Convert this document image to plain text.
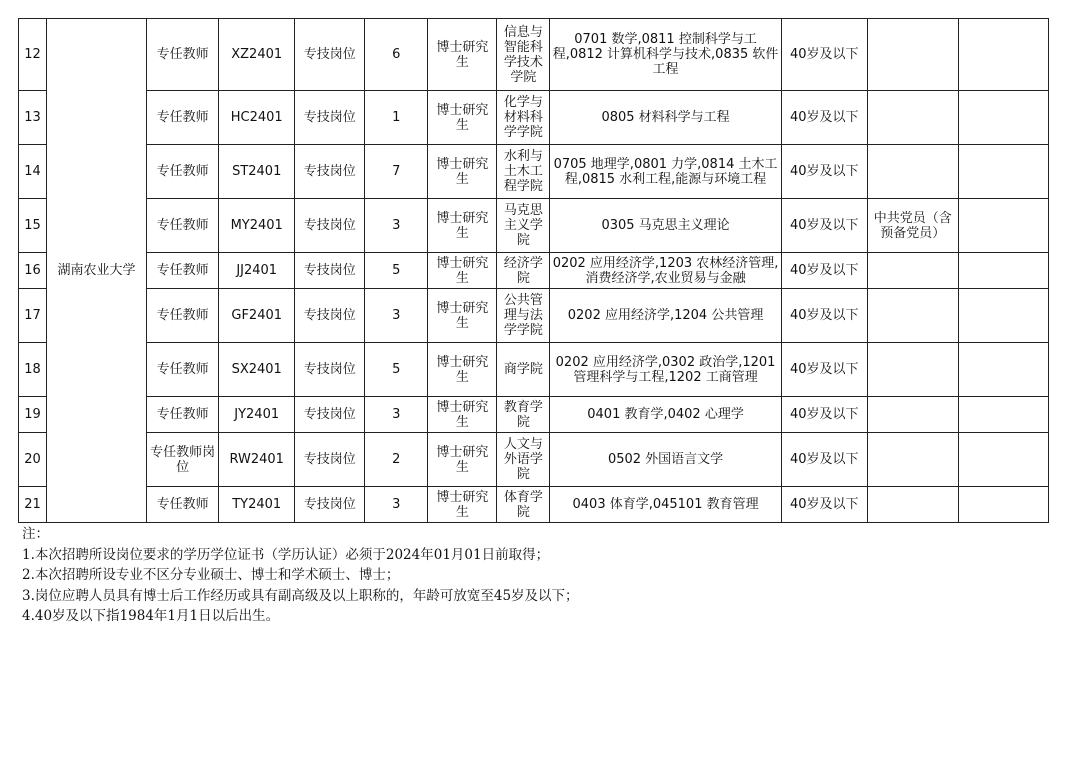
12	湖南农业大学	专任教师	XZ2401	专技岗位	6	博士研究生	信息与智能科学技术学院	0701 数学,0811 控制科学与工程,0812 计算机科学与技术,0835 软件工程	40岁及以下		
13		专任教师	HC2401	专技岗位	1	博士研究生	化学与材料科学学院	0805 材料科学与工程	40岁及以下		
14		专任教师	ST2401	专技岗位	7	博士研究生	水利与土木工程学院	0705 地理学,0801 力学,0814 土木工程,0815 水利工程,能源与环境工程	40岁及以下		
15		专任教师	MY2401	专技岗位	3	博士研究生	马克思主义学院	0305 马克思主义理论	40岁及以下	中共党员（含预备党员）	
16		专任教师	JJ2401	专技岗位	5	博士研究生	经济学院	0202 应用经济学,1203 农林经济管理,消费经济学,农业贸易与金融	40岁及以下		
17		专任教师	GF2401	专技岗位	3	博士研究生	公共管理与法学学院	0202 应用经济学,1204 公共管理	40岁及以下		
18		专任教师	SX2401	专技岗位	5	博士研究生	商学院	0202 应用经济学,0302 政治学,1201 管理科学与工程,1202 工商管理	40岁及以下		
19		专任教师	JY2401	专技岗位	3	博士研究生	教育学院	0401 教育学,0402 心理学	40岁及以下		
20		专任教师岗位	RW2401	专技岗位	2	博士研究生	人文与外语学院	0502 外国语言文学	40岁及以下		
21		专任教师	TY2401	专技岗位	3	博士研究生	体育学院	0403 体育学,045101 教育管理	40岁及以下		
注：
1.本次招聘所设岗位要求的学历学位证书（学历认证）必须于2024年01月01日前取得；
2.本次招聘所设专业不区分专业硕士、博士和学术硕士、博士；
3.岗位应聘人员具有博士后工作经历或具有副高级及以上职称的，年龄可放宽至45岁及以下；
4.40岁及以下指1984年1月1日以后出生。
